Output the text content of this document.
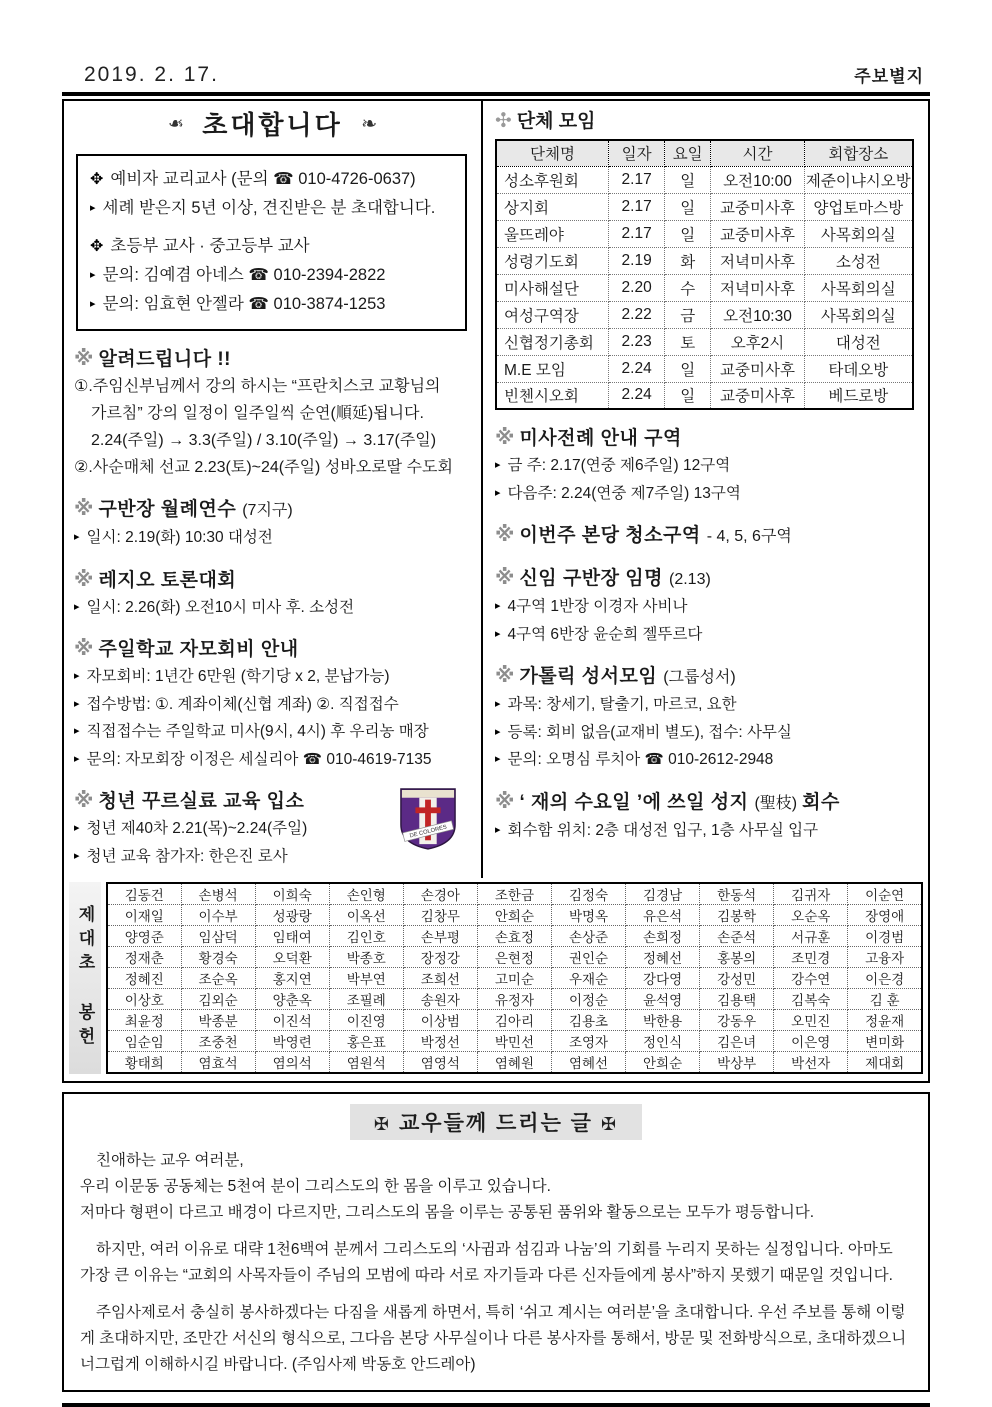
2019. 2. 17.	주보별지
❧ 초대합니다 ❧
✥ 예비자 교리교사 (문의 ☎ 010-4726-0637)
▸ 세례 받은지 5년 이상, 견진받은 분 초대합니다.
✥ 초등부 교사 · 중고등부 교사
▸ 문의: 김예겸 아네스 ☎ 010-2394-2822
▸ 문의: 임효현 안젤라 ☎ 010-3874-1253
※ 알려드립니다 !!
①.주임신부님께서 강의 하시는 “프란치스코 교황님의
가르침” 강의 일정이 일주일씩 순연(順延)됩니다.
2.24(주일) → 3.3(주일) / 3.10(주일) → 3.17(주일)
②.사순매체 선교 2.23(토)~24(주일) 성바오로딸 수도회
※ 구반장 월례연수 (7지구)
▸ 일시: 2.19(화) 10:30 대성전
※ 레지오 토론대회
▸ 일시: 2.26(화) 오전10시 미사 후. 소성전
※ 주일학교 자모회비 안내
▸ 자모회비: 1년간 6만원 (학기당 x 2, 분납가능)
▸ 접수방법: ①. 계좌이체(신협 계좌) ②. 직접접수
▸ 직접접수는 주일학교 미사(9시, 4시) 후 우리농 매장
▸ 문의: 자모회장 이정은 세실리아 ☎ 010-4619-7135
※ 청년 꾸르실료 교육 입소
▸ 청년 제40차 2.21(목)~2.24(주일)
▸ 청년 교육 참가자: 한은진 로사
DE COLORES
✣ 단체 모임
단체명	일자	요일	시간	회합장소
성소후원회	2.17	일	오전10:00	제준이냐시오방
상지회	2.17	일	교중미사후	양업토마스방
울뜨레야	2.17	일	교중미사후	사목회의실
성령기도회	2.19	화	저녁미사후	소성전
미사해설단	2.20	수	저녁미사후	사목회의실
여성구역장	2.22	금	오전10:30	사목회의실
신협정기총회	2.23	토	오후2시	대성전
M.E 모임	2.24	일	교중미사후	타데오방
빈첸시오회	2.24	일	교중미사후	베드로방
※ 미사전례 안내 구역
▸ 금 주: 2.17(연중 제6주일) 12구역
▸ 다음주: 2.24(연중 제7주일) 13구역
※ 이번주 본당 청소구역 - 4, 5, 6구역
※ 신임 구반장 임명 (2.13)
▸ 4구역 1반장 이경자 사비나
▸ 4구역 6반장 윤순희 젤뚜르다
※ 가톨릭 성서모임 (그룹성서)
▸ 과목: 창세기, 탈출기, 마르코, 요한
▸ 등록: 회비 없음(교재비 별도), 접수: 사무실
▸ 문의: 오명심 루치아 ☎ 010-2612-2948
※ ‘ 재의 수요일 ’에 쓰일 성지 (聖枝) 회수
▸ 회수함 위치: 2층 대성전 입구, 1층 사무실 입구
제대초 봉헌
김동건	손병석	이희숙	손인형	손경아	조한금	김정숙	김경남	한동석	김귀자	이순연
이재일	이수부	성광랑	이옥선	김창무	안희순	박명옥	유은석	김봉학	오순옥	장영애
양영준	임삼덕	임태여	김인호	손부평	손효정	손상준	손희정	손준석	서규훈	이경범
정재춘	황경숙	오덕환	박종호	장정강	은현정	권인순	정혜선	홍봉의	조민경	고융자
정혜진	조순옥	홍지연	박부연	조희선	고미순	우재순	강다영	강성민	강수연	이은경
이상호	김외순	양춘옥	조필례	송원자	유정자	이정순	윤석영	김용택	김복숙	김 훈
최윤정	박종분	이진석	이진영	이상범	김아리	김용초	박한용	강동우	오민진	정윤재
임순임	조중천	박영련	홍은표	박정선	박민선	조영자	정인식	김은녀	이은영	변미화
황태희	염효석	염의석	염원석	염영석	염혜원	염혜선	안희순	박상부	박선자	제대회
✠ 교우들께 드리는 글 ✠

친애하는 교우 여러분,

우리 이문동 공동체는 5천여 분이 그리스도의 한 몸을 이루고 있습니다.

저마다 형편이 다르고 배경이 다르지만, 그리스도의 몸을 이루는 공통된 품위와 활동으로는 모두가 평등합니다.

하지만, 여러 이유로 대략 1천6백여 분께서 그리스도의 ‘사귐과 섬김과 나눔’의 기회를 누리지 못하는 실정입니다. 아마도 가장 큰 이유는 “교회의 사목자들이 주님의 모범에 따라 서로 자기들과 다른 신자들에게 봉사”하지 못했기 때문일 것입니다.

주임사제로서 충실히 봉사하겠다는 다짐을 새롭게 하면서, 특히 ‘쉬고 계시는 여러분’을 초대합니다. 우선 주보를 통해 이렇게 초대하지만, 조만간 서신의 형식으로, 그다음 본당 사무실이나 다른 봉사자를 통해서, 방문 및 전화방식으로, 초대하겠으니 너그럽게 이해하시길 바랍니다. (주임사제 박동호 안드레아)
